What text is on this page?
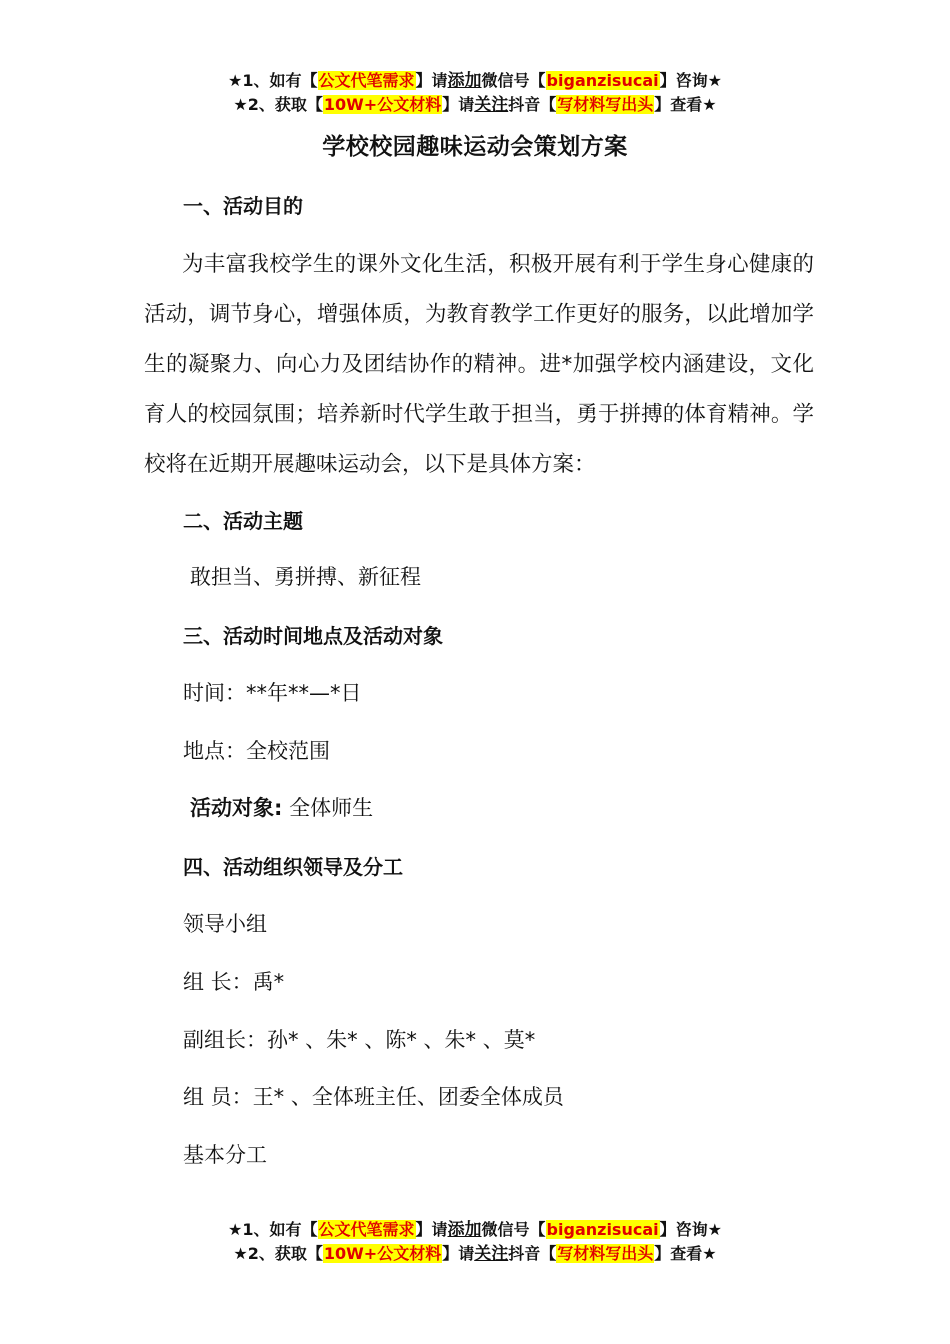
★1、如有【公文代笔需求】请添加微信号【biganzisucai】咨询★
★2、获取【10W+公文材料】请关注抖音【写材料写出头】查看★
学校校园趣味运动会策划方案
一、活动目的
为丰富我校学生的课外文化生活，积极开展有利于学生身心健康的活动，调节身心，增强体质，为教育教学工作更好的服务，以此增加学生的凝聚力、向心力及团结协作的精神。进*加强学校内涵建设，文化育人的校园氛围；培养新时代学生敢于担当，勇于拼搏的体育精神。学校将在近期开展趣味运动会，以下是具体方案：
二、活动主题
敢担当、勇拼搏、新征程
三、活动时间地点及活动对象
时间：**年**—*日
地点：全校范围
活动对象: 全体师生
四、活动组织领导及分工
领导小组
组 长：禹*
副组长：孙* 、朱* 、陈* 、朱* 、莫*
组 员：王* 、全体班主任、团委全体成员
基本分工
★1、如有【公文代笔需求】请添加微信号【biganzisucai】咨询★
★2、获取【10W+公文材料】请关注抖音【写材料写出头】查看★
